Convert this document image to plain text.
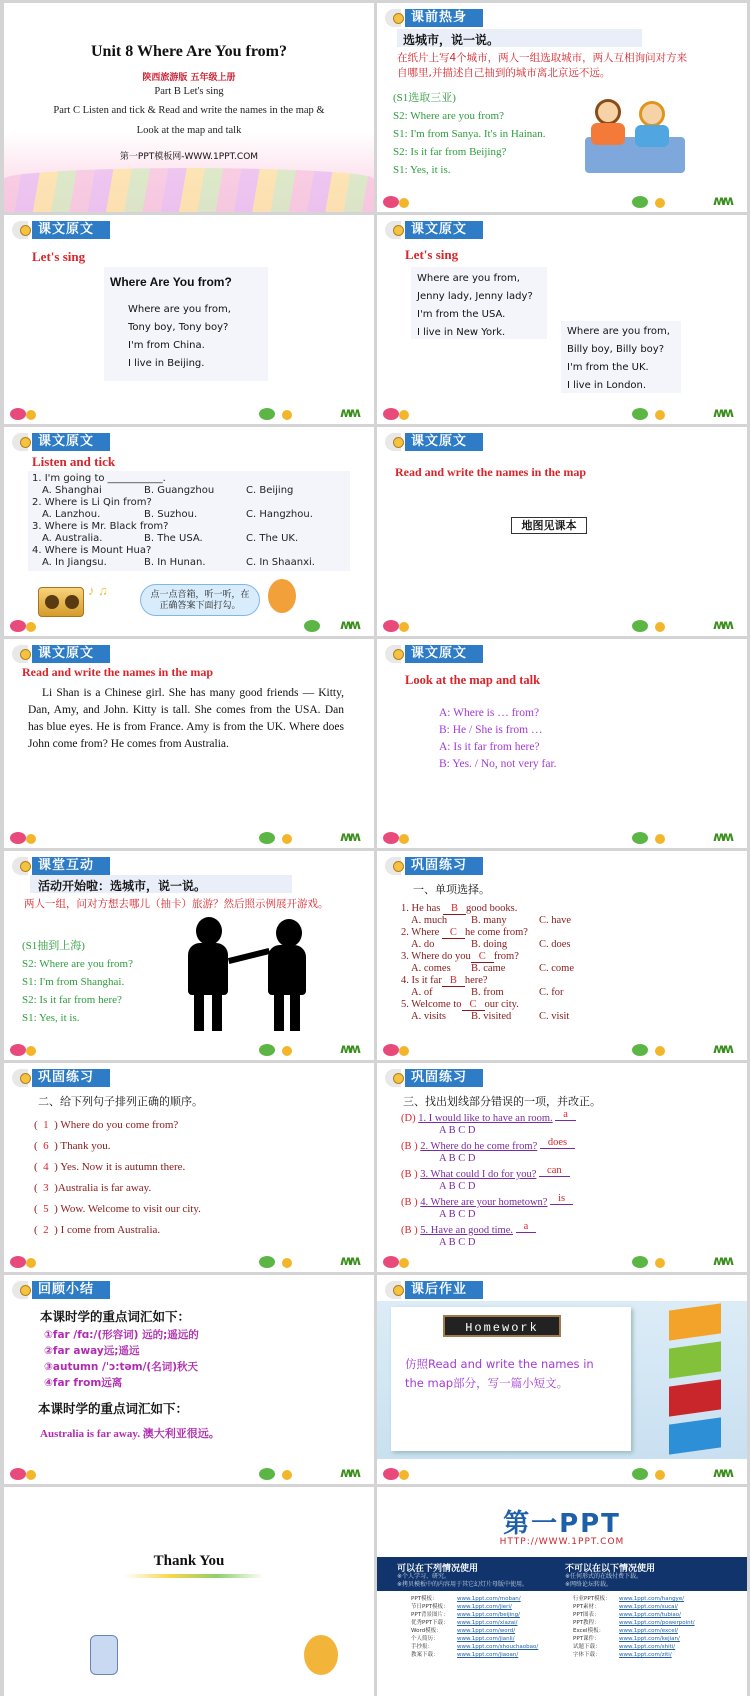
Unit 8 Where Are You from?
陕西旅游版 五年级上册
Part B Let's sing
Part C Listen and tick & Read and write the names in the map &
Look at the map and talk
第一PPT模板网-WWW.1PPT.COM
课前热身
选城市，说一说。
在纸片上写4个城市，两人一组选取城市，两人互相询问对方来自哪里,并描述自己抽到的城市离北京远不远。
(S1选取三亚)
S2: Where are you from?
S1: I'm from Sanya. It's in Hainan.
S2: Is it far from Beijing?
S1: Yes, it is.
ʍʍ
课文原文
Let's sing
Where Are You from?
Where are you from,
Tony boy, Tony boy?
I'm from China.
I live in Beijing.
ʍʍ
课文原文
Let's sing
Where are you from,
Jenny lady, Jenny lady?
I'm from the USA.
I live in New York.	Where are you from,
Billy boy, Billy boy?
I'm from the UK.
I live in London.
ʍʍ
课文原文
Listen and tick
1. I'm going to ___________.
A. Shanghai	B. Guangzhou	C. Beijing
2. Where is Li Qin from?
A. Lanzhou.	B. Suzhou.	C. Hangzhou.
3. Where is Mr. Black from?
A. Australia.	B. The USA.	C. The UK.
4. Where is Mount Hua?
A. In Jiangsu.	B. In Hunan.	C. In Shaanxi.
♪ ♫	点一点音箱，听一听，在正确答案下面打勾。
ʍʍ
课文原文
Read and write the names in the map
地图见课本
ʍʍ
课文原文
Read and write the names in the map
Li Shan is a Chinese girl. She has many good friends — Kitty, Dan, Amy, and John. Kitty is tall. She comes from the USA. Dan has blue eyes. He is from France. Amy is from the UK. Where does John come from? He comes from Australia.
ʍʍ
课文原文
Look at the map and talk
A: Where is … from?
B: He / She is from …
A: Is it far from here?
B: Yes. / No, not very far.
ʍʍ
课堂互动
活动开始啦：选城市，说一说。
两人一组，问对方想去哪儿（抽卡）旅游？然后照示例展开游戏。
(S1抽到上海)
S2: Where are you from?
S1: I'm from Shanghai.
S2: Is it far from here?
S1: Yes, it is.
ʍʍ
巩固练习
一、单项选择。
1. He has B good books.
A. much	B. many	C. have
2. Where C he come from?
A. do	B. doing	C. does
3. Where do you C from?
A. comes	B. came	C. come
4. Is it far B here?
A. of	B. from	C. for
5. Welcome to C our city.
A. visits	B. visited	C. visit
ʍʍ
巩固练习
二、给下列句子排列正确的顺序。
(  1  ) Where do you come from?
(  6  ) Thank you.
(  4  ) Yes. Now it is autumn there.
(  3  )Australia is far away.
(  5  ) Wow. Welcome to visit our city.
(  2  ) I come from Australia.
ʍʍ
巩固练习
三、找出划线部分错误的一项，并改正。
(D) 1. I would like to have an room. a
A B C D
(B ) 2. Where do he come from? does
A B C D
(B ) 3. What could I do for you? can
A B C D
(B ) 4. Where are your hometown? is
A B C D
(B ) 5. Have an good time. a
A B C D
ʍʍ
回顾小结
本课时学的重点词汇如下：
①far /fɑ:/(形容词) 远的;遥远的
②far away远;遥远
③autumn /ˈɔ:təm/(名词)秋天
④far from远离
本课时学的重点词汇如下：
Australia is far away. 澳大利亚很远。
ʍʍ
课后作业
Homework
仿照Read and write the names in the map部分，写一篇小短文。
ʍʍ
Thank You
第一PPT
HTTP://WWW.1PPT.COM
可以在下列情况使用
※个人学习、研究。
※拷贝模板中的内容用于其它幻灯片母版中使用。
不可以在以下情况使用
※任何形式的在线付费下载。
※网络论坛转载。
PPT模板：	www.1ppt.com/moban/
节日PPT模板： www.1ppt.com/jieri/
PPT背景图片： www.1ppt.com/beijing/
优秀PPT下载： www.1ppt.com/xiazai/
Word模板：	www.1ppt.com/word/
个人简历：	www.1ppt.com/jianli/
手抄报：	www.1ppt.com/shouchaobao/
教案下载：	www.1ppt.com/jiaoan/
行业PPT模板： www.1ppt.com/hangye/
PPT素材：	www.1ppt.com/sucai/
PPT图表：	www.1ppt.com/tubiao/
PPT教程：	www.1ppt.com/powerpoint/
Excel模板：	www.1ppt.com/excel/
PPT课件：	www.1ppt.com/kejian/
试题下载：	www.1ppt.com/shiti/
字体下载：	www.1ppt.com/ziti/
